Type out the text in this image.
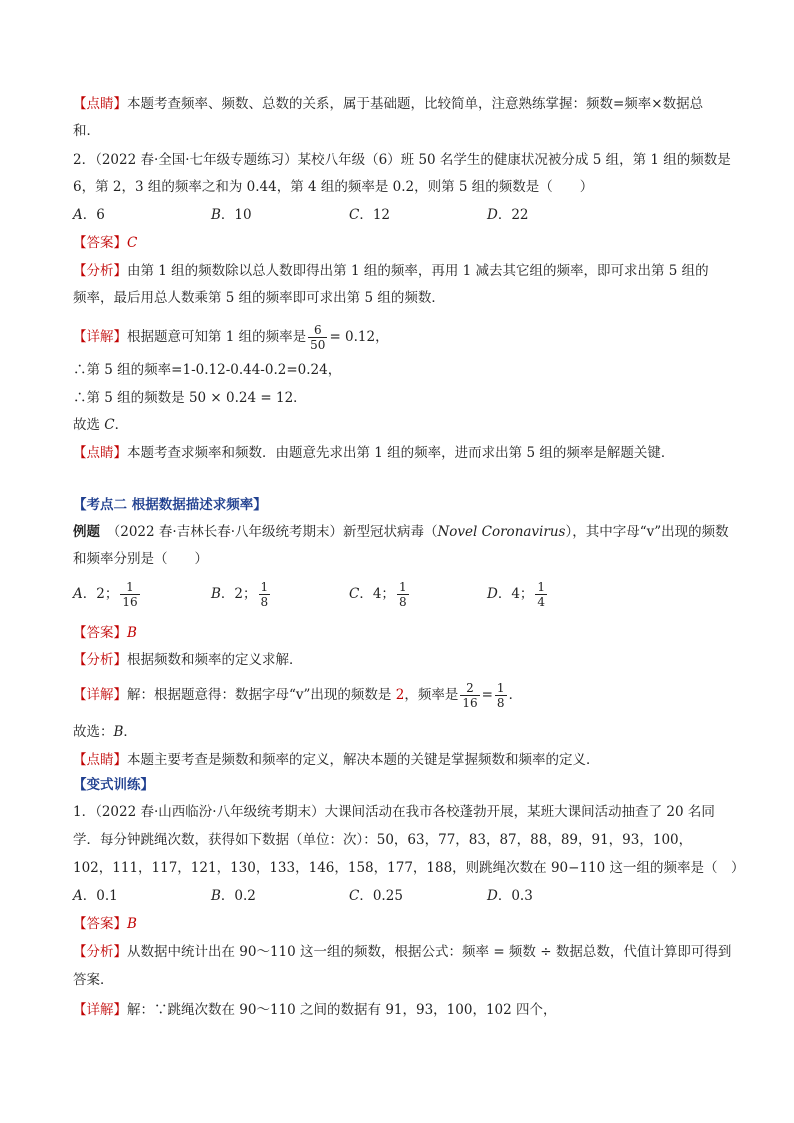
【点睛】本题考查频率、频数、总数的关系，属于基础题，比较简单，注意熟练掌握：频数=频率×数据总
和．
2．（2022 春·全国·七年级专题练习）某校八年级（6）班 50 名学生的健康状况被分成 5 组，第 1 组的频数是
6，第 2，3 组的频率之和为 0.44，第 4 组的频率是 0.2，则第 5 组的频数是（　　）
A．6	B．10	C．12	D．22
【答案】C
【分析】由第 1 组的频数除以总人数即得出第 1 组的频率，再用 1 减去其它组的频率，即可求出第 5 组的
频率，最后用总人数乘第 5 组的频率即可求出第 5 组的频数．
【详解】根据题意可知第 1 组的频率是 $\frac{6}{50} = 0.12$，
∴第 5 组的频率=1-0.12-0.44-0.2=0.24，
∴第 5 组的频数是 50 × 0.24 = 12．
故选 C．
【点睛】本题考查求频率和频数．由题意先求出第 1 组的频率，进而求出第 5 组的频率是解题关键．
【考点二 根据数据描述求频率】
例题　 （2022 春·吉林长春·八年级统考期末）新型冠状病毒（Novel Coronavirus），其中字母“v”出现的频数
和频率分别是（　　）
A．2； $\frac{1}{16}$	B．2； $\frac{1}{8}$	C．4； $\frac{1}{8}$	D．4； $\frac{1}{4}$
【答案】B
【分析】根据频数和频率的定义求解．
【详解】解：根据题意得：数据字母“v”出现的频数是 2，频率是 $\frac{2}{16} = \frac{1}{8}$ ．
故选：B．
【点睛】本题主要考查是频数和频率的定义，解决本题的关键是掌握频数和频率的定义．
【变式训练】
1．（2022 春·山西临汾·八年级统考期末）大课间活动在我市各校蓬勃开展，某班大课间活动抽查了 20 名同
学．每分钟跳绳次数，获得如下数据（单位：次）：50，63，77，83，87，88，89，91，93，100，
102，111，117，121，130，133，146，158，177，188，则跳绳次数在 90−110 这一组的频率是（　）
A．0.1	B．0.2	C．0.25	D．0.3
【答案】B
【分析】从数据中统计出在 90～110 这一组的频数，根据公式：频率 = 频数 ÷ 数据总数，代值计算即可得到
答案．
【详解】解：∵跳绳次数在 90～110 之间的数据有 91，93，100，102 四个，
